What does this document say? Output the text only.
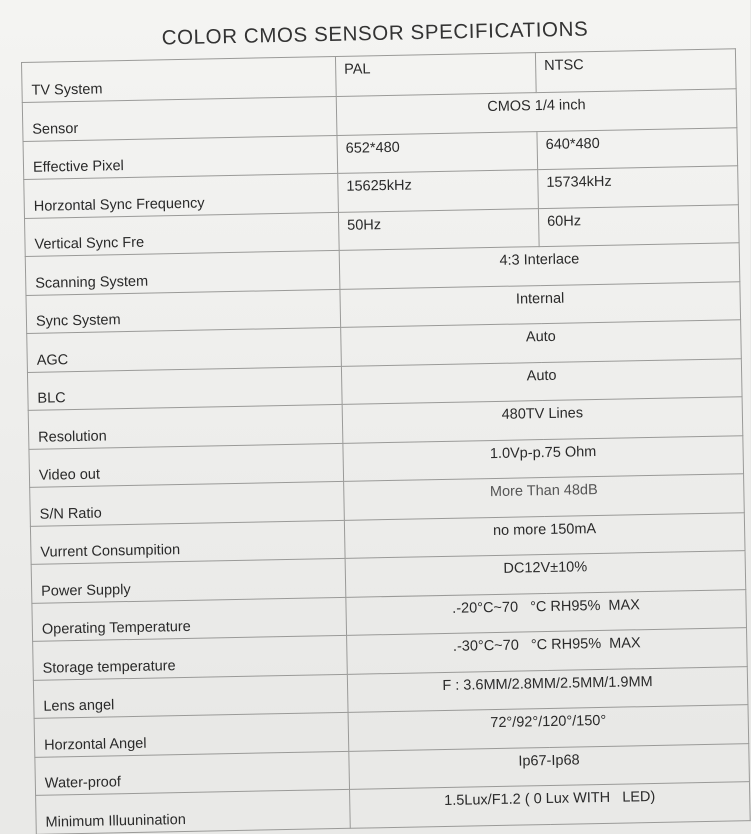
COLOR CMOS SENSOR SPECIFICATIONS
TV System	PAL	NTSC
Sensor	CMOS 1/4 inch	
Effective Pixel	652*480	640*480
Horzontal Sync Frequency	15625kHz	15734kHz
Vertical Sync Fre	50Hz	60Hz
Scanning System	4:3 Interlace	
Sync System	Internal	
AGC	Auto	
BLC	Auto	
Resolution	480TV Lines	
Video out	1.0Vp-p.75 Ohm	
S/N Ratio	More Than 48dB	
Vurrent Consumpition	no more 150mA	
Power Supply	DC12V±10%	
Operating Temperature	.-20°C~70   °C RH95%  MAX	
Storage temperature	.-30°C~70   °C RH95%  MAX	
Lens angel	F : 3.6MM/2.8MM/2.5MM/1.9MM	
Horzontal Angel	72°/92°/120°/150°	
Water-proof	Ip67-Ip68	
Minimum Illuunination	1.5Lux/F1.2 ( 0 Lux WITH   LED)	
